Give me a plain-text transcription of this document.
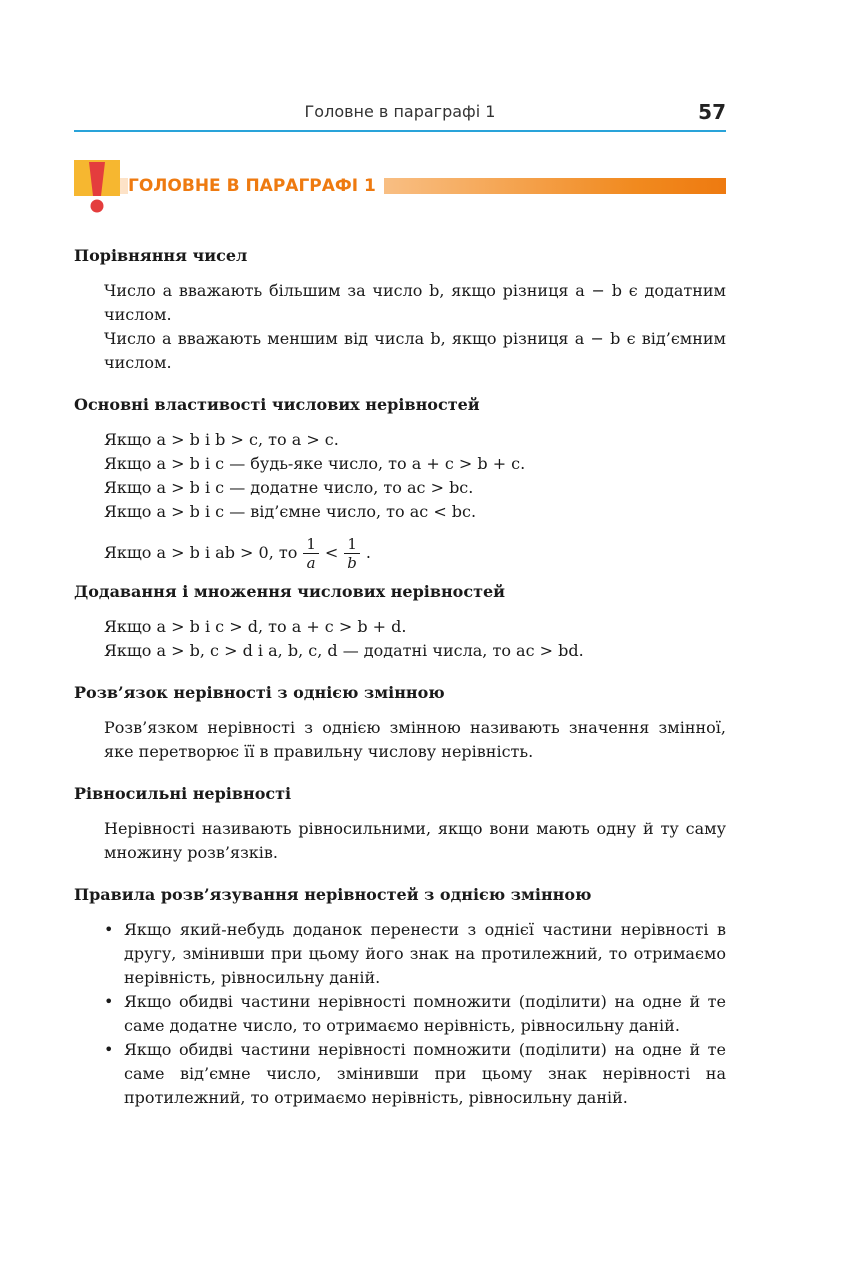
Головне в параграфі 1	57
ГОЛОВНЕ В ПАРАГРАФІ 1
Порівняння чисел

Число a вважають більшим за число b, якщо різниця a − b є додатним числом.

Число a вважають меншим від числа b, якщо різниця a − b є від’ємним числом.

Основні властивості числових нерівностей
Якщо a > b і b > c, то a > c.
Якщо a > b і c — будь-яке число, то a + c > b + c.
Якщо a > b і c — додатне число, то ac > bc.
Якщо a > b і c — від’ємне число, то ac < bc.
Якщо a > b і ab > 0, то $\frac{1}{a} < \frac{1}{b}$ .
Додавання і множення числових нерівностей
Якщо a > b і c > d, то a + c > b + d.
Якщо a > b, c > d і a, b, c, d — додатні числа, то ac > bd.
Розв’язок нерівності з однією змінною

Розв’язком нерівності з однією змінною називають значення змінної, яке перетворює її в правильну числову нерівність.

Рівносильні нерівності

Нерівності називають рівносильними, якщо вони мають одну й ту саму множину розв’язків.

Правила розв’язування нерівностей з однією змінною
• Якщо який-небудь доданок перенести з однієї частини нерівності в другу, змінивши при цьому його знак на протилежний, то отримаємо нерівність, рівносильну даній.
• Якщо обидві частини нерівності помножити (поділити) на одне й те саме додатне число, то отримаємо нерівність, рівносильну даній.
• Якщо обидві частини нерівності помножити (поділити) на одне й те саме від’ємне число, змінивши при цьому знак нерівності на протилежний, то отримаємо нерівність, рівносильну даній.
